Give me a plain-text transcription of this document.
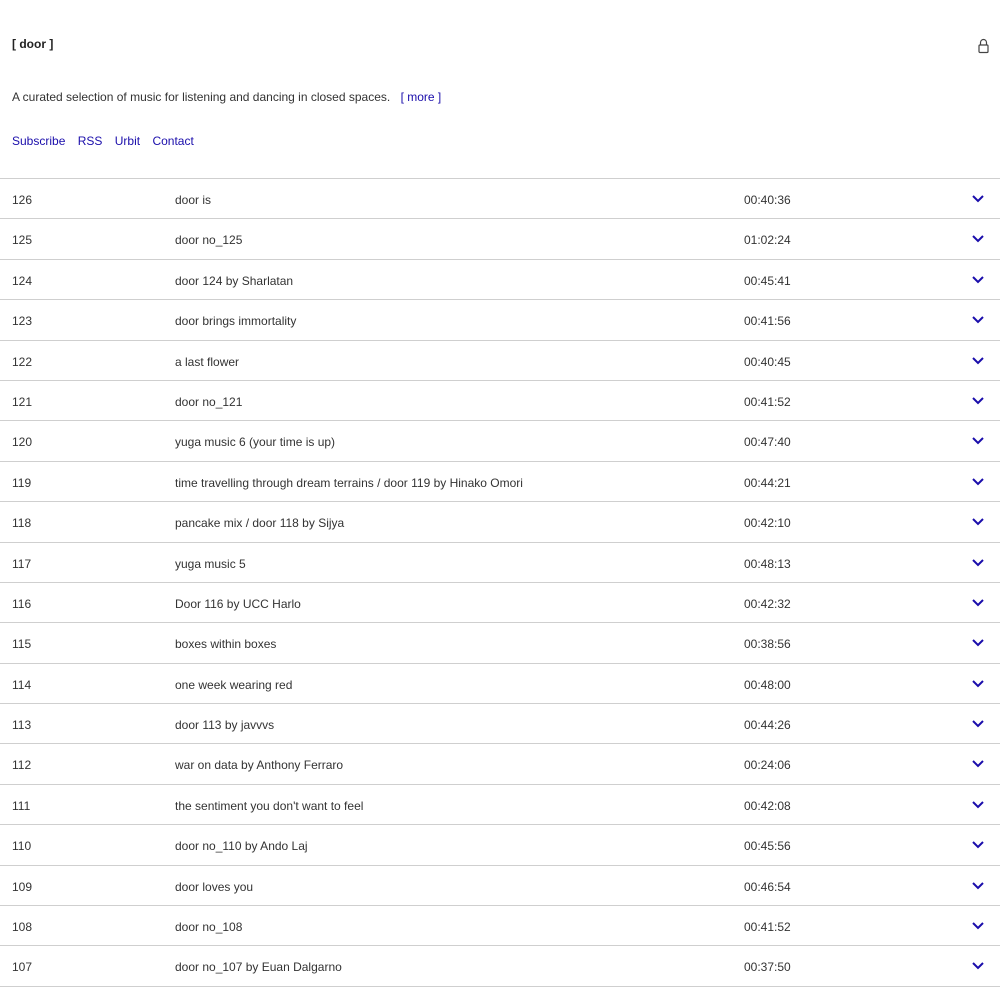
[ door ]
A curated selection of music for listening and dancing in closed spaces. [ more ]
Subscribe RSS Urbit Contact
126	door is	00:40:36
125	door no_125	01:02:24
124	door 124 by Sharlatan	00:45:41
123	door brings immortality	00:41:56
122	a last flower	00:40:45
121	door no_121	00:41:52
120	yuga music 6 (your time is up)	00:47:40
119	time travelling through dream terrains / door 119 by Hinako Omori	00:44:21
118	pancake mix / door 118 by Sijya	00:42:10
117	yuga music 5	00:48:13
116	Door 116 by UCC Harlo	00:42:32
115	boxes within boxes	00:38:56
114	one week wearing red	00:48:00
113	door 113 by javvvs	00:44:26
112	war on data by Anthony Ferraro	00:24:06
111	the sentiment you don't want to feel	00:42:08
110	door no_110 by Ando Laj	00:45:56
109	door loves you	00:46:54
108	door no_108	00:41:52
107	door no_107 by Euan Dalgarno	00:37:50
